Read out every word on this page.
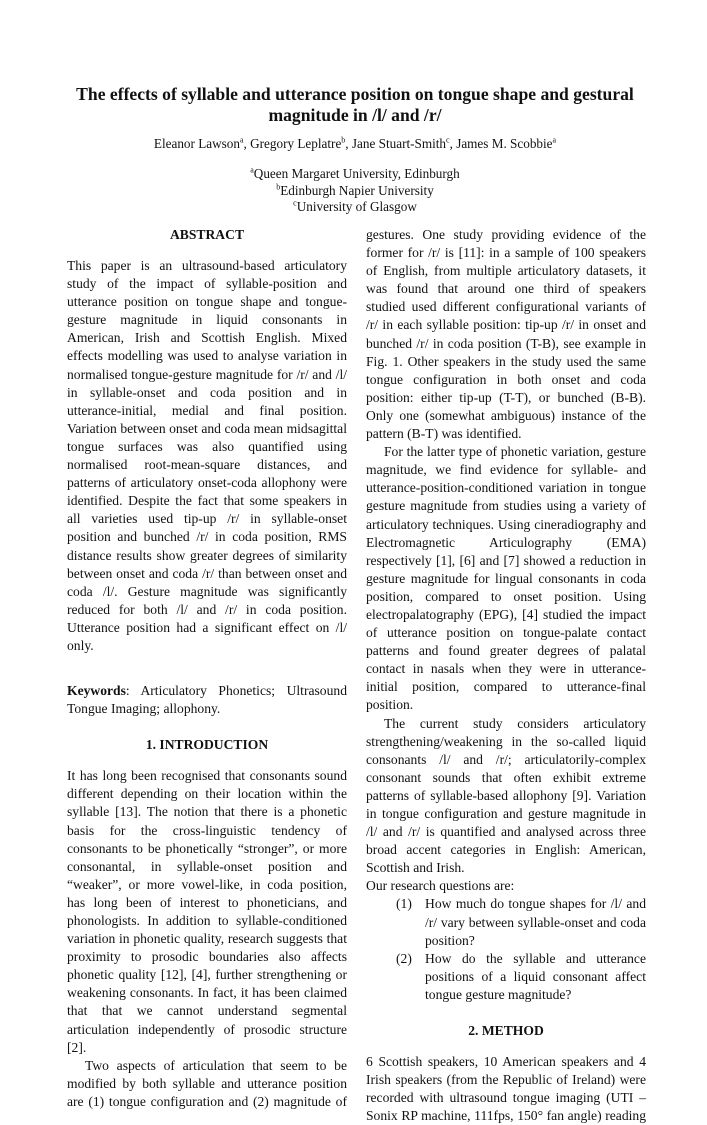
The effects of syllable and utterance position on tongue shape and gestural
magnitude in /l/ and /r/
Eleanor Lawson$^a$, Gregory Leplatre$^b$, Jane Stuart-Smith$^c$, James M. Scobbie$^a$
$^a$Queen Margaret University, Edinburgh
$^b$Edinburgh Napier University
$^c$University of Glasgow
ABSTRACT

This paper is an ultrasound-based articulatory study of the impact of syllable-position and utterance position on tongue shape and tongue-gesture magnitude in liquid consonants in American, Irish and Scottish English. Mixed effects modelling was used to analyse variation in normalised tongue-gesture magnitude for /r/ and /l/ in syllable-onset and coda position and in utterance-initial, medial and final position. Variation between onset and coda mean midsagittal tongue surfaces was also quantified using normalised root-mean-square distances, and patterns of articulatory onset-coda allophony were identified. Despite the fact that some speakers in all varieties used tip-up /r/ in syllable-onset position and bunched /r/ in coda position, RMS distance results show greater degrees of similarity between onset and coda /r/ than between onset and coda /l/. Gesture magnitude was significantly reduced for both /l/ and /r/ in coda position. Utterance position had a significant effect on /l/ only.

Keywords: Articulatory Phonetics; Ultrasound Tongue Imaging; allophony.

1. INTRODUCTION

It has long been recognised that consonants sound different depending on their location within the syllable [13]. The notion that there is a phonetic basis for the cross-linguistic tendency of consonants to be phonetically “stronger”, or more consonantal, in syllable-onset position and “weaker”, or more vowel-like, in coda position, has long been of interest to phoneticians, and phonologists. In addition to syllable-conditioned variation in phonetic quality, research suggests that proximity to prosodic boundaries also affects phonetic quality [12], [4], further strengthening or weakening consonants. In fact, it has been claimed that that we cannot understand segmental articulation independently of prosodic structure [2].

Two aspects of articulation that seem to be modified by both syllable and utterance position are (1) tongue configuration and (2) magnitude of

gestures. One study providing evidence of the former for /r/ is [11]: in a sample of 100 speakers of English, from multiple articulatory datasets, it was found that around one third of speakers studied used different configurational variants of /r/ in each syllable position: tip-up /r/ in onset and bunched /r/ in coda position (T-B), see example in Fig. 1. Other speakers in the study used the same tongue configuration in both onset and coda position: either tip-up (T-T), or bunched (B-B). Only one (somewhat ambiguous) instance of the pattern (B-T) was identified.

For the latter type of phonetic variation, gesture magnitude, we find evidence for syllable- and utterance-position-conditioned variation in tongue gesture magnitude from studies using a variety of articulatory techniques. Using cineradiography and Electromagnetic Articulography (EMA) respectively [1], [6] and [7] showed a reduction in gesture magnitude for lingual consonants in coda position, compared to onset position. Using electropalatography (EPG), [4] studied the impact of utterance position on tongue-palate contact patterns and found greater degrees of palatal contact in nasals when they were in utterance-initial position, compared to utterance-final position.

The current study considers articulatory strengthening/weakening in the so-called liquid consonants /l/ and /r/; articulatorily-complex consonant sounds that often exhibit extreme patterns of syllable-based allophony [9]. Variation in tongue configuration and gesture magnitude in /l/ and /r/ is quantified and analysed across three broad accent categories in English: American, Scottish and Irish.

Our research questions are:

(1) How much do tongue shapes for /l/ and /r/ vary between syllable-onset and coda position?
(2) How do the syllable and utterance positions of a liquid consonant affect tongue gesture magnitude?
2. METHOD

6 Scottish speakers, 10 American speakers and 4 Irish speakers (from the Republic of Ireland) were recorded with ultrasound tongue imaging (UTI – Sonix RP machine, 111fps, 150° fan angle) reading
